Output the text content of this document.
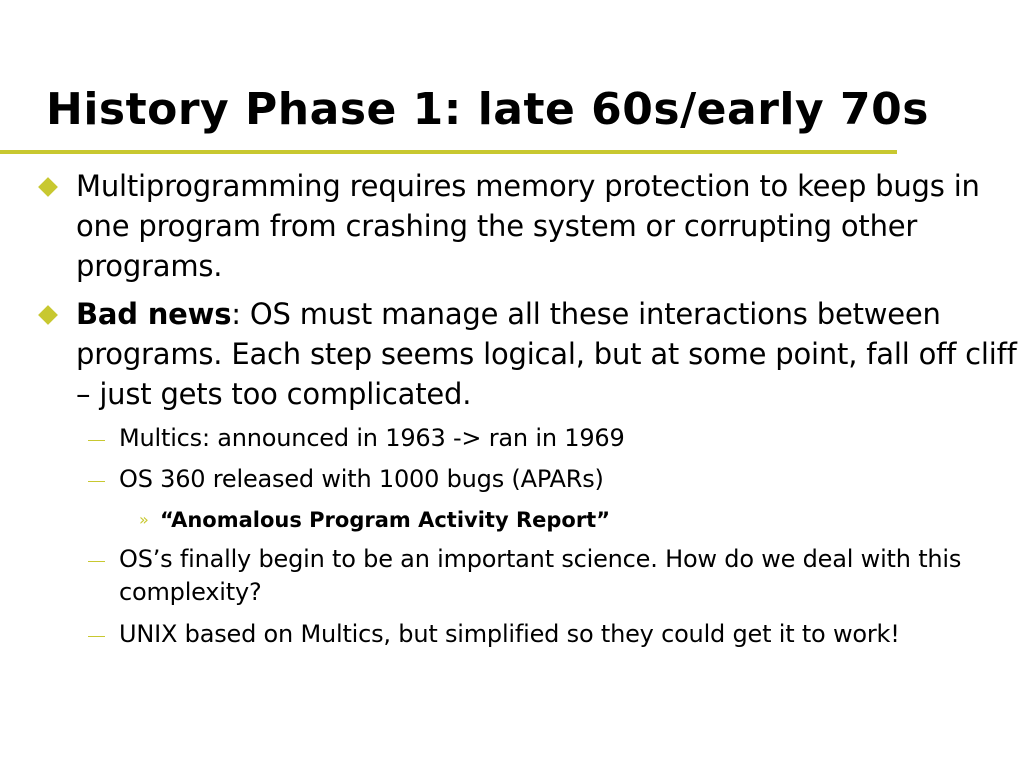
History Phase 1: late 60s/early 70s
Multiprogramming requires memory protection to keep bugs in one program from crashing the system or corrupting other programs.
Bad news: OS must manage all these interactions between programs. Each step seems logical, but at some point, fall off cliff – just gets too complicated.
Multics: announced in 1963 -> ran in 1969
OS 360 released with 1000 bugs (APARs)
» “Anomalous Program Activity Report”
OS’s finally begin to be an important science. How do we deal with this complexity?
UNIX based on Multics, but simplified so they could get it to work!
